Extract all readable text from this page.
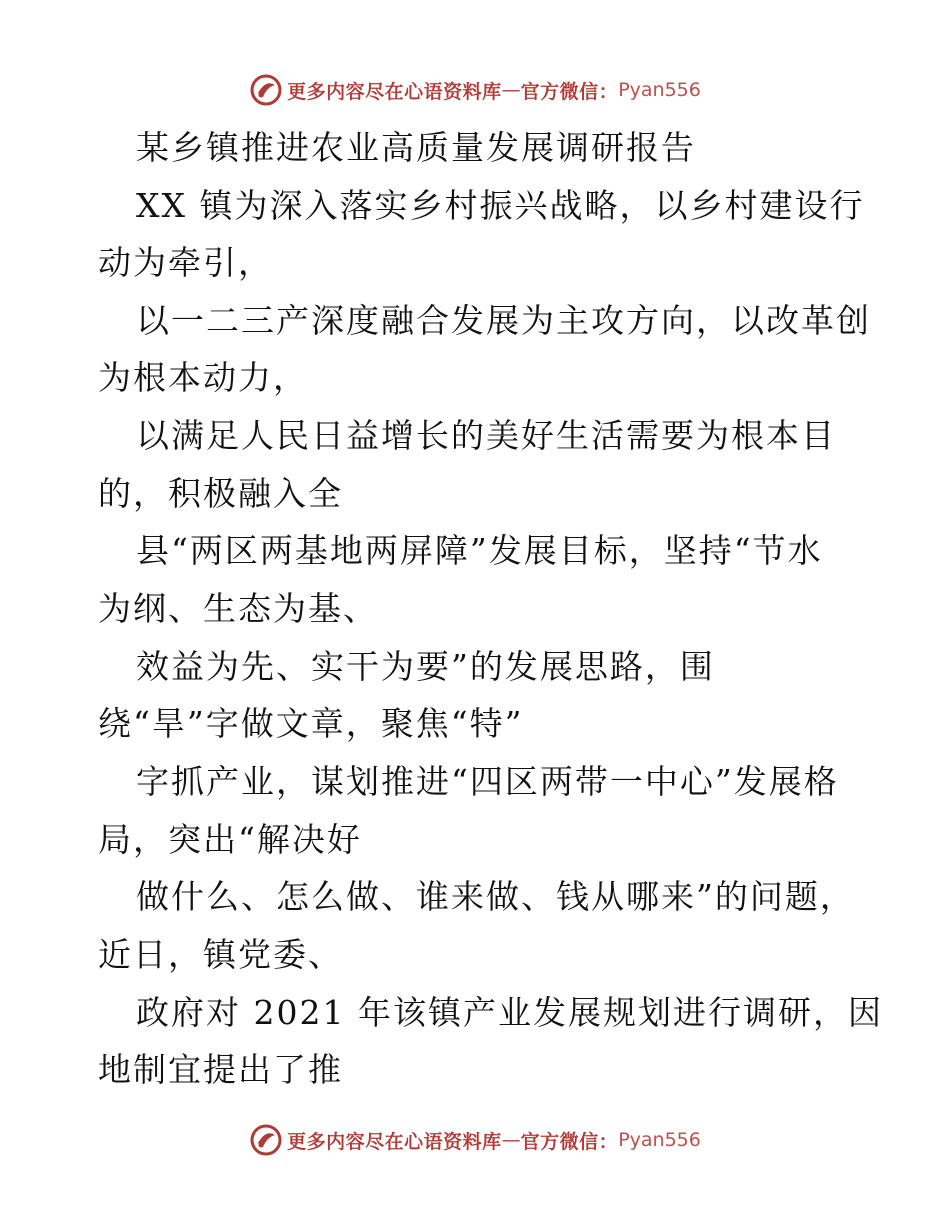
更多内容尽在心语资料库 — 官方微信： Pyan556
某乡镇推进农业高质量发展调研报告
XX 镇为深入落实乡村振兴战略，以乡村建设行
动为牵引，
以一二三产深度融合发展为主攻方向，以改革创
为根本动力，
以满足人民日益增长的美好生活需要为根本目
的，积极融入全
县“两区两基地两屏障”发展目标，坚持“节水
为纲、生态为基、
效益为先、实干为要”的发展思路，围
绕“旱”字做文章，聚焦“特”
字抓产业，谋划推进“四区两带一中心”发展格
局，突出“解决好
做什么、怎么做、谁来做、钱从哪来”的问题，
近日，镇党委、
政府对 2021 年该镇产业发展规划进行调研，因
地制宜提出了推
更多内容尽在心语资料库 — 官方微信： Pyan556
